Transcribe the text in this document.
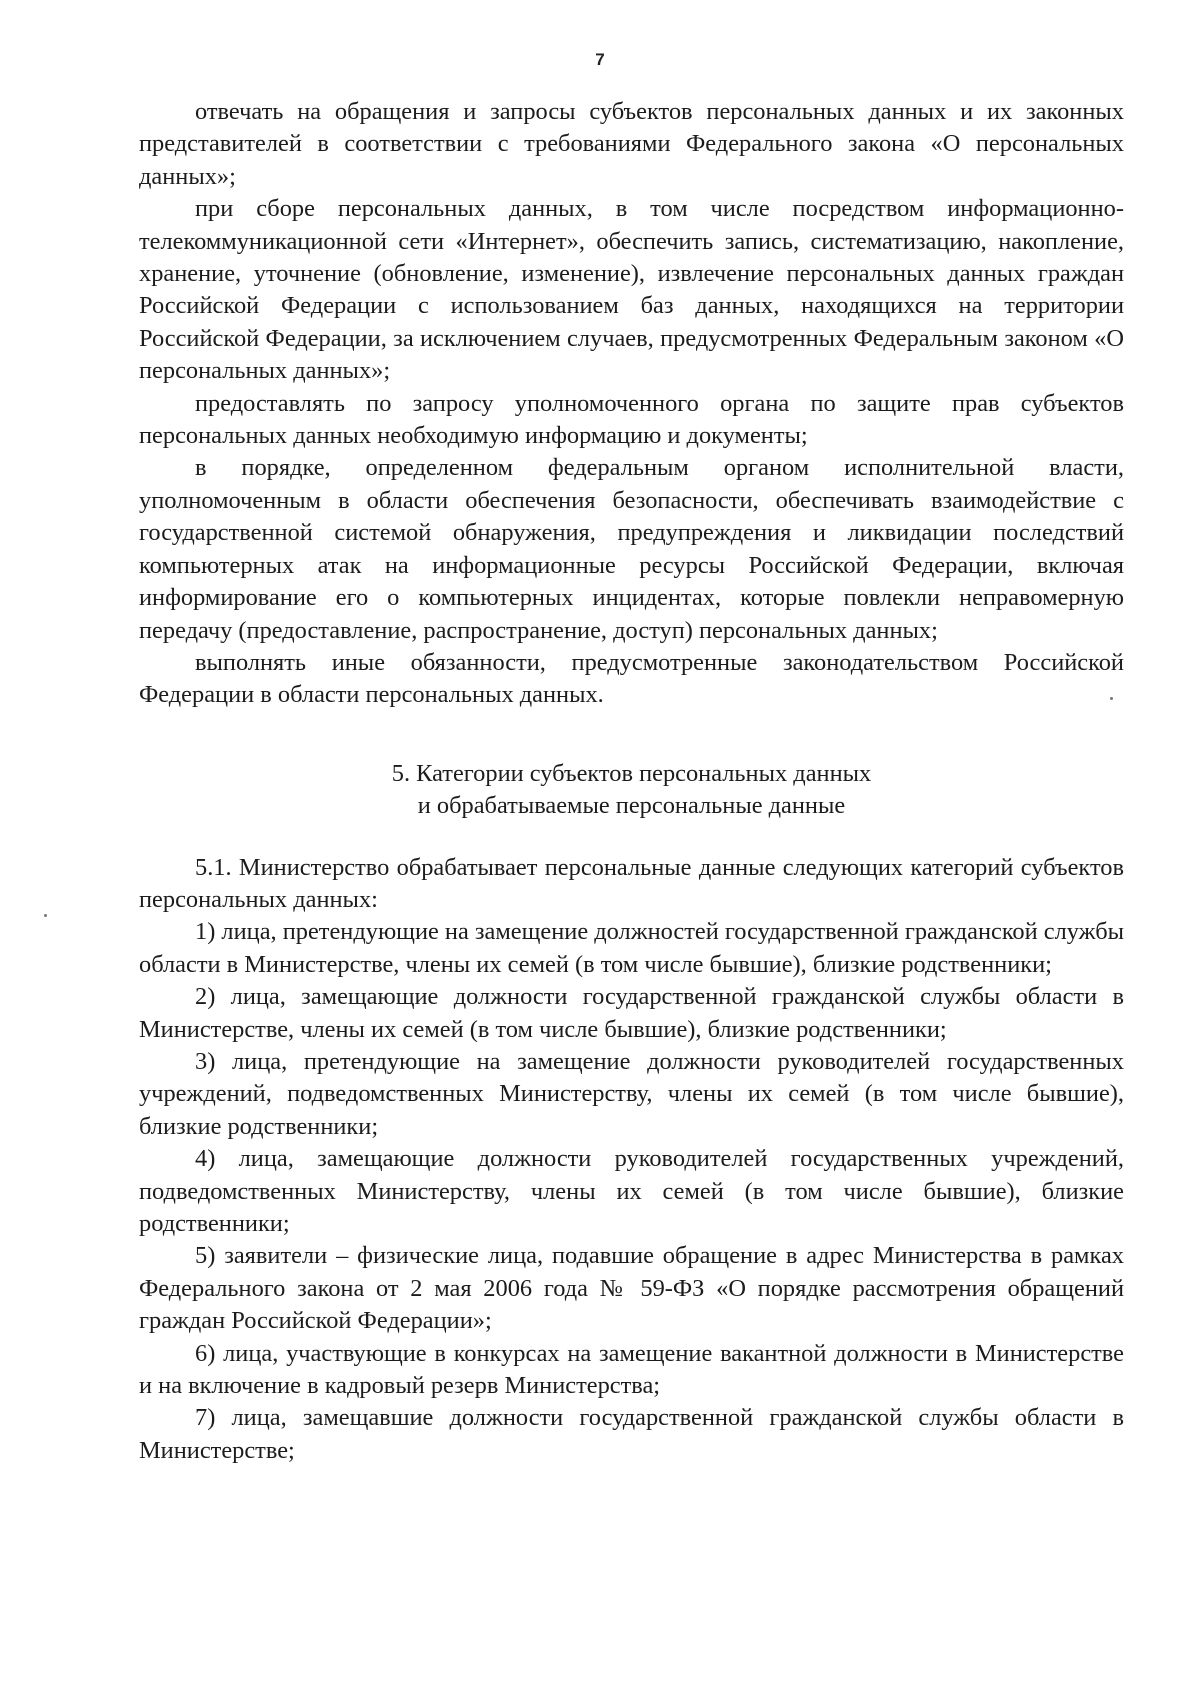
7

отвечать на обращения и запросы субъектов персональных данных и их законных представителей в соответствии с требованиями Федерального закона «О персональных данных»;

при сборе персональных данных, в том числе посредством информационно-телекоммуникационной сети «Интернет», обеспечить запись, систематизацию, накопление, хранение, уточнение (обновление, изменение), извлечение персональных данных граждан Российской Федерации с использованием баз данных, находящихся на территории Российской Федерации, за исключением случаев, предусмотренных Федеральным законом «О персональных данных»;

предоставлять по запросу уполномоченного органа по защите прав субъектов персональных данных необходимую информацию и документы;

в порядке, определенном федеральным органом исполнительной власти, уполномоченным в области обеспечения безопасности, обеспечивать взаимодействие с государственной системой обнаружения, предупреждения и ликвидации последствий компьютерных атак на информационные ресурсы Российской Федерации, включая информирование его о компьютерных инцидентах, которые повлекли неправомерную передачу (предоставление, распространение, доступ) персональных данных;

выполнять иные обязанности, предусмотренные законодательством Российской Федерации в области персональных данных.

5. Категории субъектов персональных данных

и обрабатываемые персональные данные

5.1. Министерство обрабатывает персональные данные следующих категорий субъектов персональных данных:

1) лица, претендующие на замещение должностей государственной гражданской службы области в Министерстве, члены их семей (в том числе бывшие), близкие родственники;

2) лица, замещающие должности государственной гражданской службы области в Министерстве, члены их семей (в том числе бывшие), близкие родственники;

3) лица, претендующие на замещение должности руководителей государственных учреждений, подведомственных Министерству, члены их семей (в том числе бывшие), близкие родственники;

4) лица, замещающие должности руководителей государственных учреждений, подведомственных Министерству, члены их семей (в том числе бывшие), близкие родственники;

5) заявители – физические лица, подавшие обращение в адрес Министерства в рамках Федерального закона от 2 мая 2006 года № 59-ФЗ «О порядке рассмотрения обращений граждан Российской Федерации»;

6) лица, участвующие в конкурсах на замещение вакантной должности в Министерстве и на включение в кадровый резерв Министерства;

7) лица, замещавшие должности государственной гражданской службы области в Министерстве;
